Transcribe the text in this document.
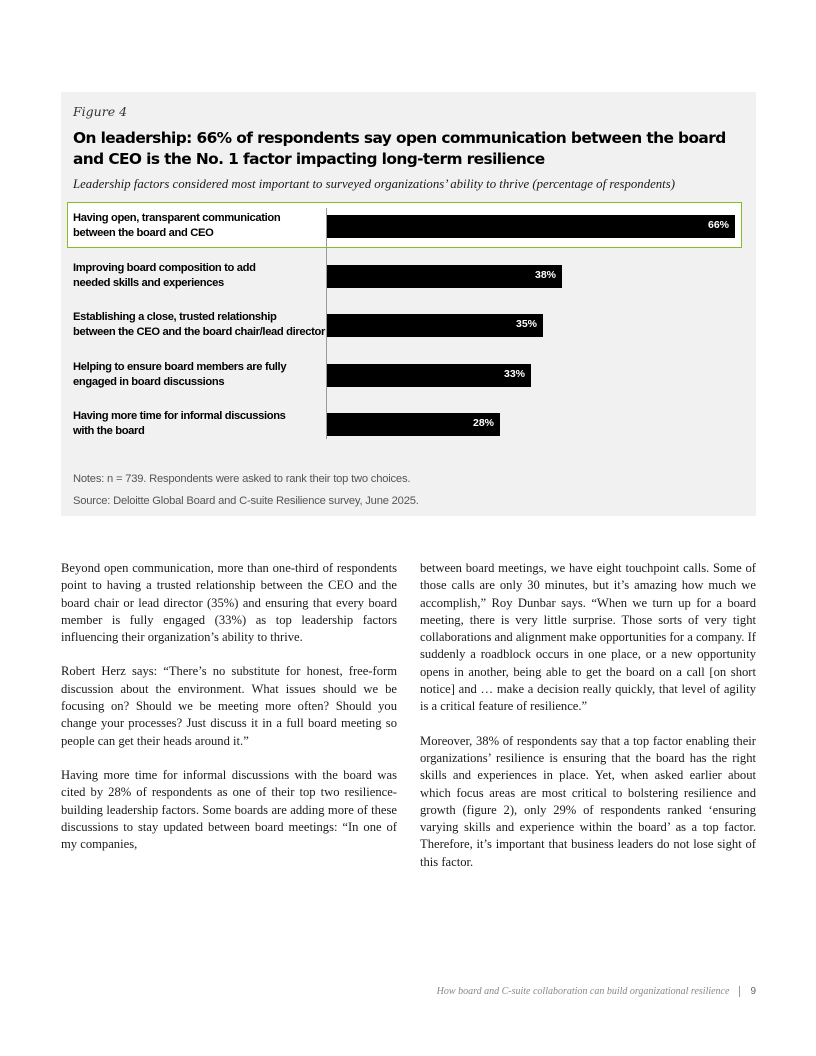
Figure 4
On leadership: 66% of respondents say open communication between the board and CEO is the No. 1 factor impacting long-term resilience
Leadership factors considered most important to surveyed organizations’ ability to thrive (percentage of respondents)
Having open, transparent communication
between the board and CEO
66%
Improving board composition to add
needed skills and experiences
38%
Establishing a close, trusted relationship
between the CEO and the board chair/lead director
35%
Helping to ensure board members are fully
engaged in board discussions
33%
Having more time for informal discussions
with the board
28%
Notes: n = 739. Respondents were asked to rank their top two choices.
Source: Deloitte Global Board and C-suite Resilience survey, June 2025.

Beyond open communication, more than one-third of respondents point to having a trusted relationship between the CEO and the board chair or lead director (35%) and ensuring that every board member is fully engaged (33%) as top leadership factors influencing their organization’s ability to thrive.

Robert Herz says: “There’s no substitute for honest, free-form discussion about the environment. What issues should we be focusing on? Should we be meeting more often? Should you change your processes? Just discuss it in a full board meeting so people can get their heads around it.”

Having more time for informal discussions with the board was cited by 28% of respondents as one of their top two resilience-building leadership factors. Some boards are adding more of these discussions to stay updated between board meetings: “In one of my companies,

between board meetings, we have eight touchpoint calls. Some of those calls are only 30 minutes, but it’s amazing how much we accomplish,” Roy Dunbar says. “When we turn up for a board meeting, there is very little surprise. Those sorts of very tight collaborations and alignment make opportunities for a company. If suddenly a roadblock occurs in one place, or a new opportunity opens in another, being able to get the board on a call [on short notice] and … make a decision really quickly, that level of agility is a critical feature of resilience.”

Moreover, 38% of respondents say that a top factor enabling their organizations’ resilience is ensuring that the board has the right skills and experiences in place. Yet, when asked earlier about which focus areas are most critical to bolstering resilience and growth (figure 2), only 29% of respondents ranked ‘ensuring varying skills and experience within the board’ as a top factor. Therefore, it’s important that business leaders do not lose sight of this factor.

How board and C-suite collaboration can build organizational resilience 9
